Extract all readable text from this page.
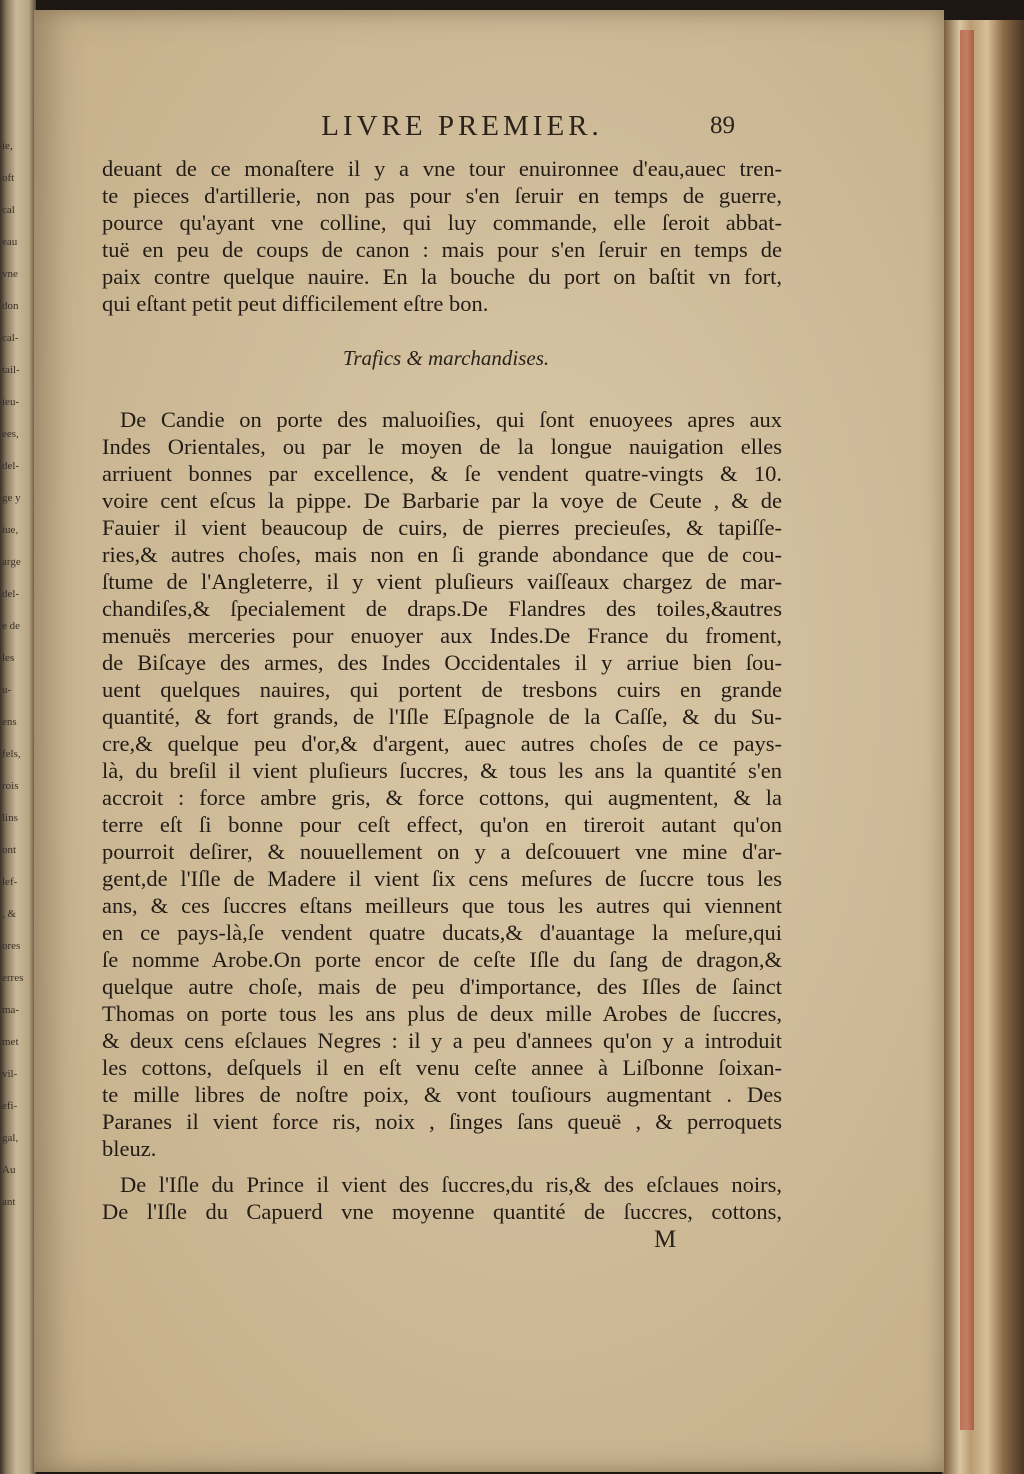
ie,
oft
cal
eau
vne
don
cal-
tail-
ieu-
ees,
del-
ge y
iue,
arge
del-
e de
les
u-
ens
fels,
rois
lins
ont
lef-
, &
ores
erres
ma-
met
vil-
efi-
gal,
Au
ant
LIVRE PREMIER.	89
deuant de ce monaſtere il y a vne tour enuironnee d'eau,auec tren-
te pieces d'artillerie, non pas pour s'en ſeruir en temps de guerre,
pource qu'ayant vne colline, qui luy commande, elle ſeroit abbat-
tuë en peu de coups de canon : mais pour s'en ſeruir en temps de
paix contre quelque nauire. En la bouche du port on baſtit vn fort,
qui eſtant petit peut difficilement eſtre bon.
Trafics & marchandises.
De Candie on porte des maluoiſies, qui ſont enuoyees apres aux
Indes Orientales, ou par le moyen de la longue nauigation elles
arriuent bonnes par excellence, & ſe vendent quatre-vingts & 10.
voire cent eſcus la pippe. De Barbarie par la voye de Ceute , & de
Fauier il vient beaucoup de cuirs, de pierres precieuſes, & tapiſſe-
ries,& autres choſes, mais non en ſi grande abondance que de cou-
ſtume de l'Angleterre, il y vient pluſieurs vaiſſeaux chargez de mar-
chandiſes,& ſpecialement de draps.De Flandres des toiles,&autres
menuës merceries pour enuoyer aux Indes.De France du froment,
de Biſcaye des armes, des Indes Occidentales il y arriue bien ſou-
uent quelques nauires, qui portent de tresbons cuirs en grande
quantité, & fort grands, de l'Iſle Eſpagnole de la Caſſe, & du Su-
cre,& quelque peu d'or,& d'argent, auec autres choſes de ce pays-
là, du breſil il vient pluſieurs ſuccres, & tous les ans la quantité s'en
accroit : force ambre gris, & force cottons, qui augmentent, & la
terre eſt ſi bonne pour ceſt effect, qu'on en tireroit autant qu'on
pourroit deſirer, & nouuellement on y a deſcouuert vne mine d'ar-
gent,de l'Iſle de Madere il vient ſix cens meſures de ſuccre tous les
ans, & ces ſuccres eſtans meilleurs que tous les autres qui viennent
en ce pays-là,ſe vendent quatre ducats,& d'auantage la meſure,qui
ſe nomme Arobe.On porte encor de ceſte Iſle du ſang de dragon,&
quelque autre choſe, mais de peu d'importance, des Iſles de ſainct
Thomas on porte tous les ans plus de deux mille Arobes de ſuccres,
& deux cens eſclaues Negres : il y a peu d'annees qu'on y a introduit
les cottons, deſquels il en eſt venu ceſte annee à Liſbonne ſoixan-
te mille libres de noſtre poix, & vont touſiours augmentant . Des
Paranes il vient force ris, noix , ſinges ſans queuë , & perroquets
bleuz.
De l'Iſle du Prince il vient des ſuccres,du ris,& des eſclaues noirs,
De l'Iſle du Capuerd vne moyenne quantité de ſuccres, cottons,
M
